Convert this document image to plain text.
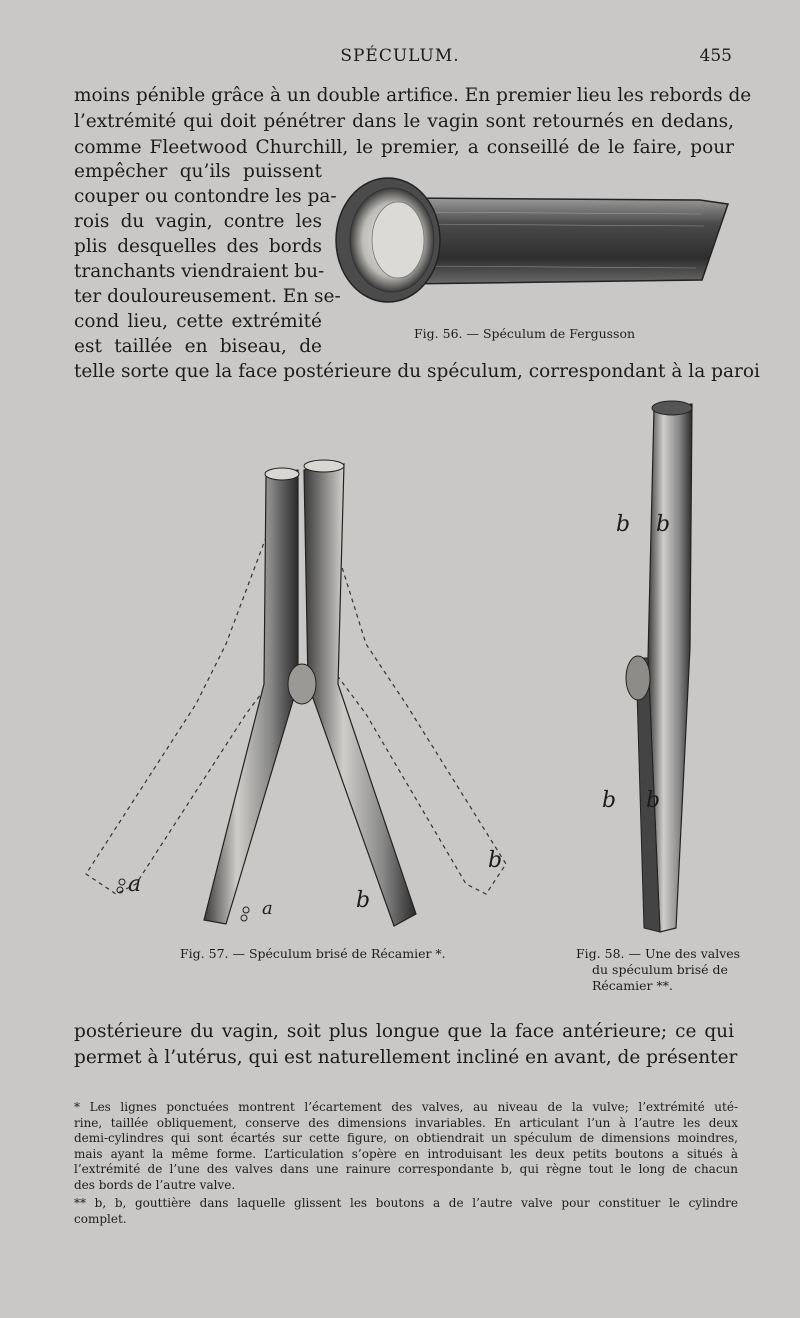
SPÉCULUM.	455
moins pénible grâce à un double artifice. En premier lieu les rebords de
l’extrémité qui doit pénétrer dans le vagin sont retournés en dedans,
comme Fleetwood Churchill, le premier, a conseillé de le faire, pour
empêcher qu’ils puissent
couper ou contondre les pa-
rois du vagin, contre les
plis desquelles des bords
tranchants viendraient bu-
ter douloureusement. En se-
cond lieu, cette extrémité
est taillée en biseau, de
telle sorte que la face postérieure du spéculum, correspondant à la paroi
Fig. 56. — Spéculum de Fergusson
a
a	b
b
Fig. 57. — Spéculum brisé de Récamier *.
b b
b b
Fig. 58. — Une des valves
du spéculum brisé de
Récamier **.
postérieure du vagin, soit plus longue que la face antérieure; ce qui
permet à l’utérus, qui est naturellement incliné en avant, de présenter
* Les lignes ponctuées montrent l’écartement des valves, au niveau de la vulve; l’extrémité uté-
rine, taillée obliquement, conserve des dimensions invariables. En articulant l’un à l’autre les deux
demi-cylindres qui sont écartés sur cette figure, on obtiendrait un spéculum de dimensions moindres,
mais ayant la même forme. L’articulation s’opère en introduisant les deux petits boutons a situés à
l’extrémité de l’une des valves dans une rainure correspondante b, qui règne tout le long de chacun
des bords de l’autre valve.
** b, b, gouttière dans laquelle glissent les boutons a de l’autre valve pour constituer le cylindre
complet.
